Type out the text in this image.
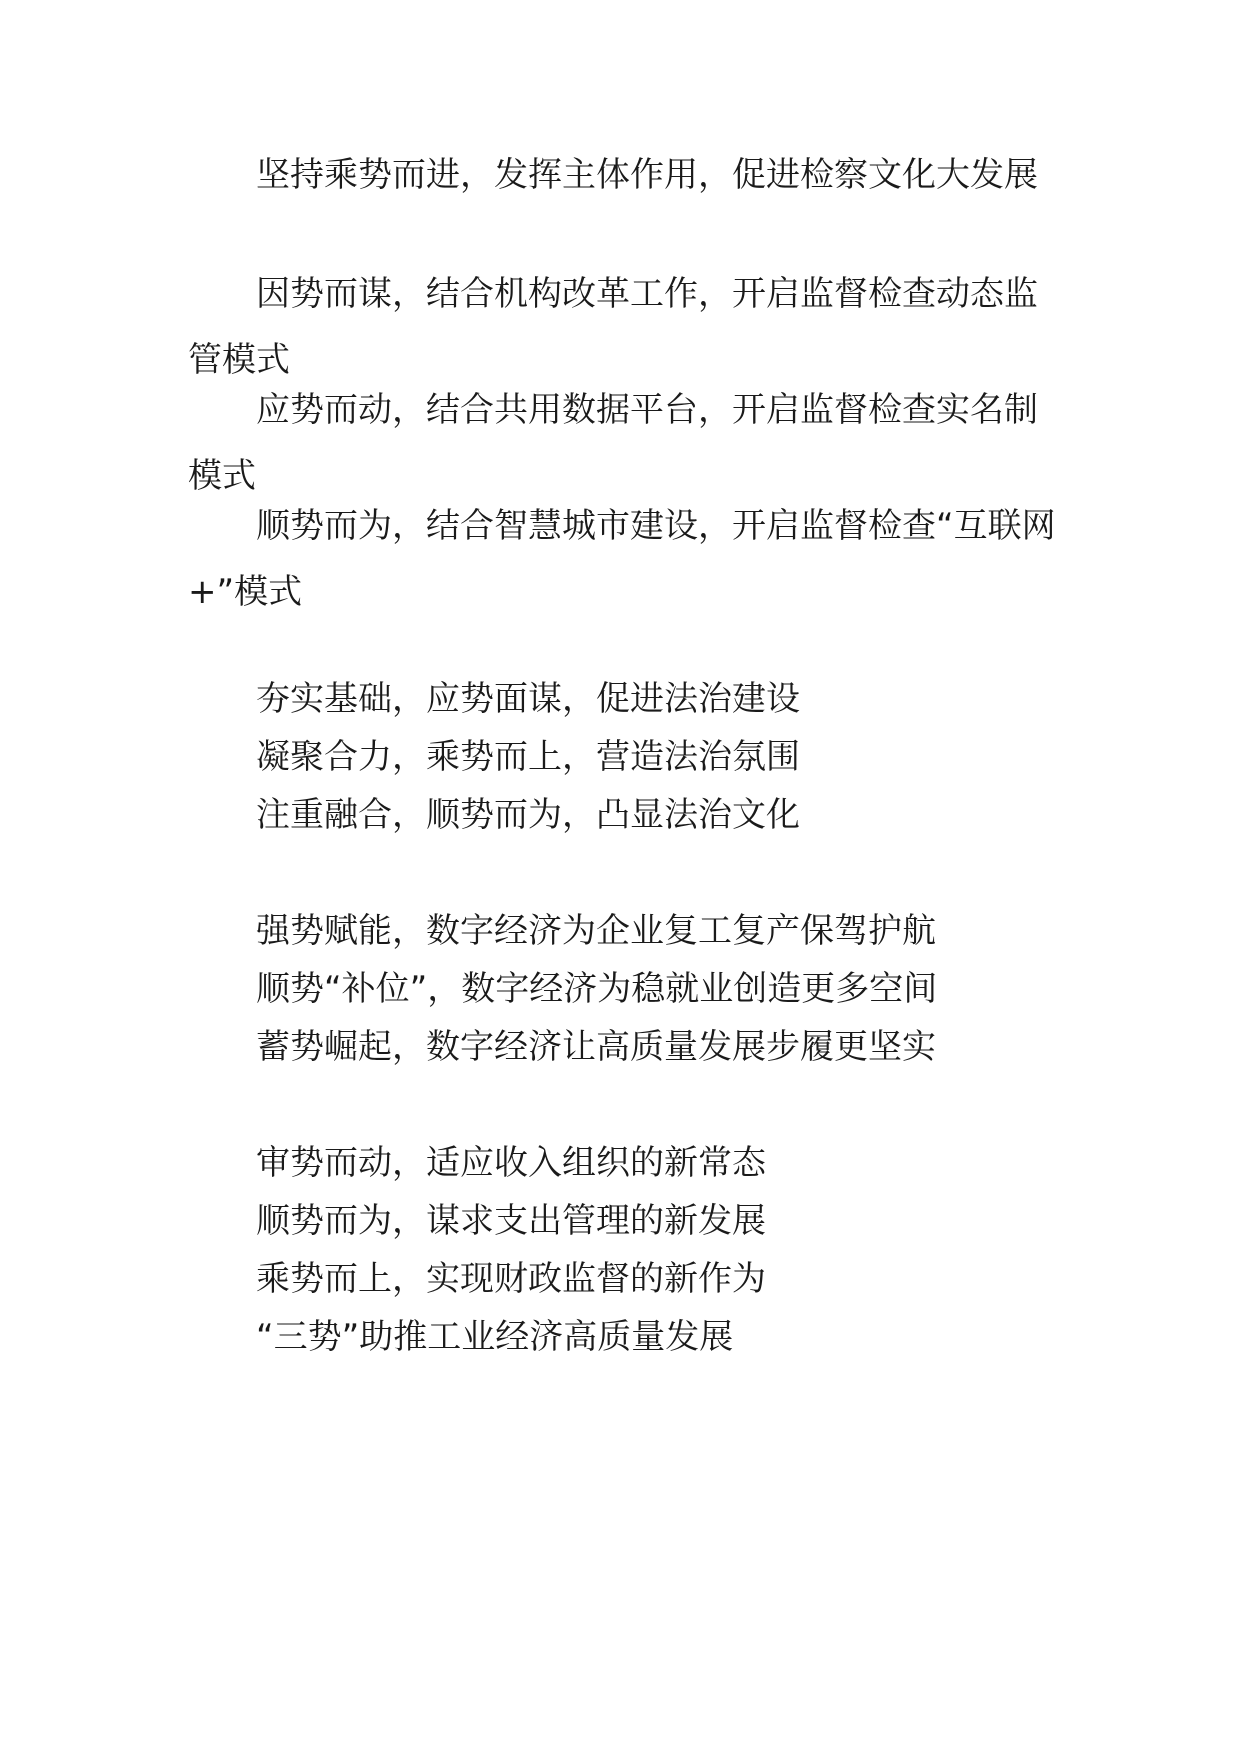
坚持乘势而进，发挥主体作用，促进检察文化大发展
因势而谋，结合机构改革工作，开启监督检查动态监管模式
应势而动，结合共用数据平台，开启监督检查实名制模式
顺势而为，结合智慧城市建设，开启监督检查“互联网+”模式
夯实基础，应势面谋，促进法治建设
凝聚合力，乘势而上，营造法治氛围
注重融合，顺势而为，凸显法治文化
强势赋能，数字经济为企业复工复产保驾护航
顺势“补位”，数字经济为稳就业创造更多空间
蓄势崛起，数字经济让高质量发展步履更坚实
审势而动，适应收入组织的新常态
顺势而为，谋求支出管理的新发展
乘势而上，实现财政监督的新作为
“三势”助推工业经济高质量发展
